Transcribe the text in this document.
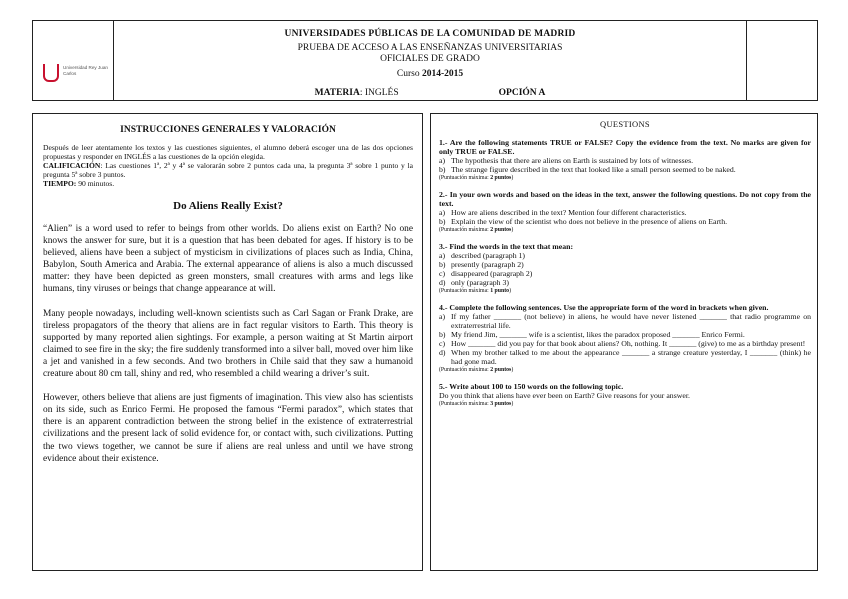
Universidad Rey Juan Carlos
UNIVERSIDADES PÚBLICAS DE LA COMUNIDAD DE MADRID
PRUEBA DE ACCESO A LAS ENSEÑANZAS UNIVERSITARIAS
OFICIALES DE GRADO
Curso 2014-2015
MATERIA: INGLÉS	OPCIÓN A
INSTRUCCIONES GENERALES Y VALORACIÓN
Después de leer atentamente los textos y las cuestiones siguientes, el alumno deberá escoger una de las dos opciones propuestas y responder en INGLÉS a las cuestiones de la opción elegida.
CALIFICACIÓN: Las cuestiones 1ª, 2ª y 4ª se valorarán sobre 2 puntos cada una, la pregunta 3ª sobre 1 punto y la pregunta 5ª sobre 3 puntos.
TIEMPO: 90 minutos.
Do Aliens Really Exist?

“Alien” is a word used to refer to beings from other worlds. Do aliens exist on Earth? No one knows the answer for sure, but it is a question that has been debated for ages. If history is to be believed, aliens have been a subject of mysticism in civilizations of places such as India, China, Babylon, South America and Arabia. The external appearance of aliens is also a much discussed matter: they have been depicted as green monsters, small creatures with arms and legs like humans, tiny viruses or beings that change appearance at will.

Many people nowadays, including well-known scientists such as Carl Sagan or Frank Drake, are tireless propagators of the theory that aliens are in fact regular visitors to Earth. This theory is supported by many reported alien sightings. For example, a person waiting at St Martin airport claimed to see fire in the sky; the fire suddenly transformed into a silver ball, moved over him like a jet and vanished in a few seconds. And two brothers in Chile said that they saw a humanoid creature about 80 cm tall, shiny and red, who resembled a child wearing a driver’s suit.

However, others believe that aliens are just figments of imagination. This view also has scientists on its side, such as Enrico Fermi. He proposed the famous “Fermi paradox”, which states that there is an apparent contradiction between the strong belief in the existence of extraterrestrial civilizations and the present lack of solid evidence for, or contact with, such civilizations. Putting the two views together, we cannot be sure if aliens are real unless and until we have strong evidence about their existence.

QUESTIONS
1.- Are the following statements TRUE or FALSE? Copy the evidence from the text. No marks are given for only TRUE or FALSE.
a) The hypothesis that there are aliens on Earth is sustained by lots of witnesses.
b) The strange figure described in the text that looked like a small person seemed to be naked.
(Puntuación máxima: 2 puntos)
2.- In your own words and based on the ideas in the text, answer the following questions. Do not copy from the text.
a) How are aliens described in the text? Mention four different characteristics.
b) Explain the view of the scientist who does not believe in the presence of aliens on Earth.
(Puntuación máxima: 2 puntos)
3.- Find the words in the text that mean:
a) described (paragraph 1)
b) presently (paragraph 2)
c) disappeared (paragraph 2)
d) only (paragraph 3)
(Puntuación máxima: 1 punto)
4.- Complete the following sentences. Use the appropriate form of the word in brackets when given.
a) If my father _______ (not believe) in aliens, he would have never listened _______ that radio programme on extraterrestrial life.
b) My friend Jim, _______ wife is a scientist, likes the paradox proposed _______ Enrico Fermi.
c) How _______ did you pay for that book about aliens? Oh, nothing. It _______ (give) to me as a birthday present!
d) When my brother talked to me about the appearance _______ a strange creature yesterday, I _______ (think) he had gone mad.
(Puntuación máxima: 2 puntos)
5.- Write about 100 to 150 words on the following topic.
Do you think that aliens have ever been on Earth? Give reasons for your answer.
(Puntuación máxima: 3 puntos)
